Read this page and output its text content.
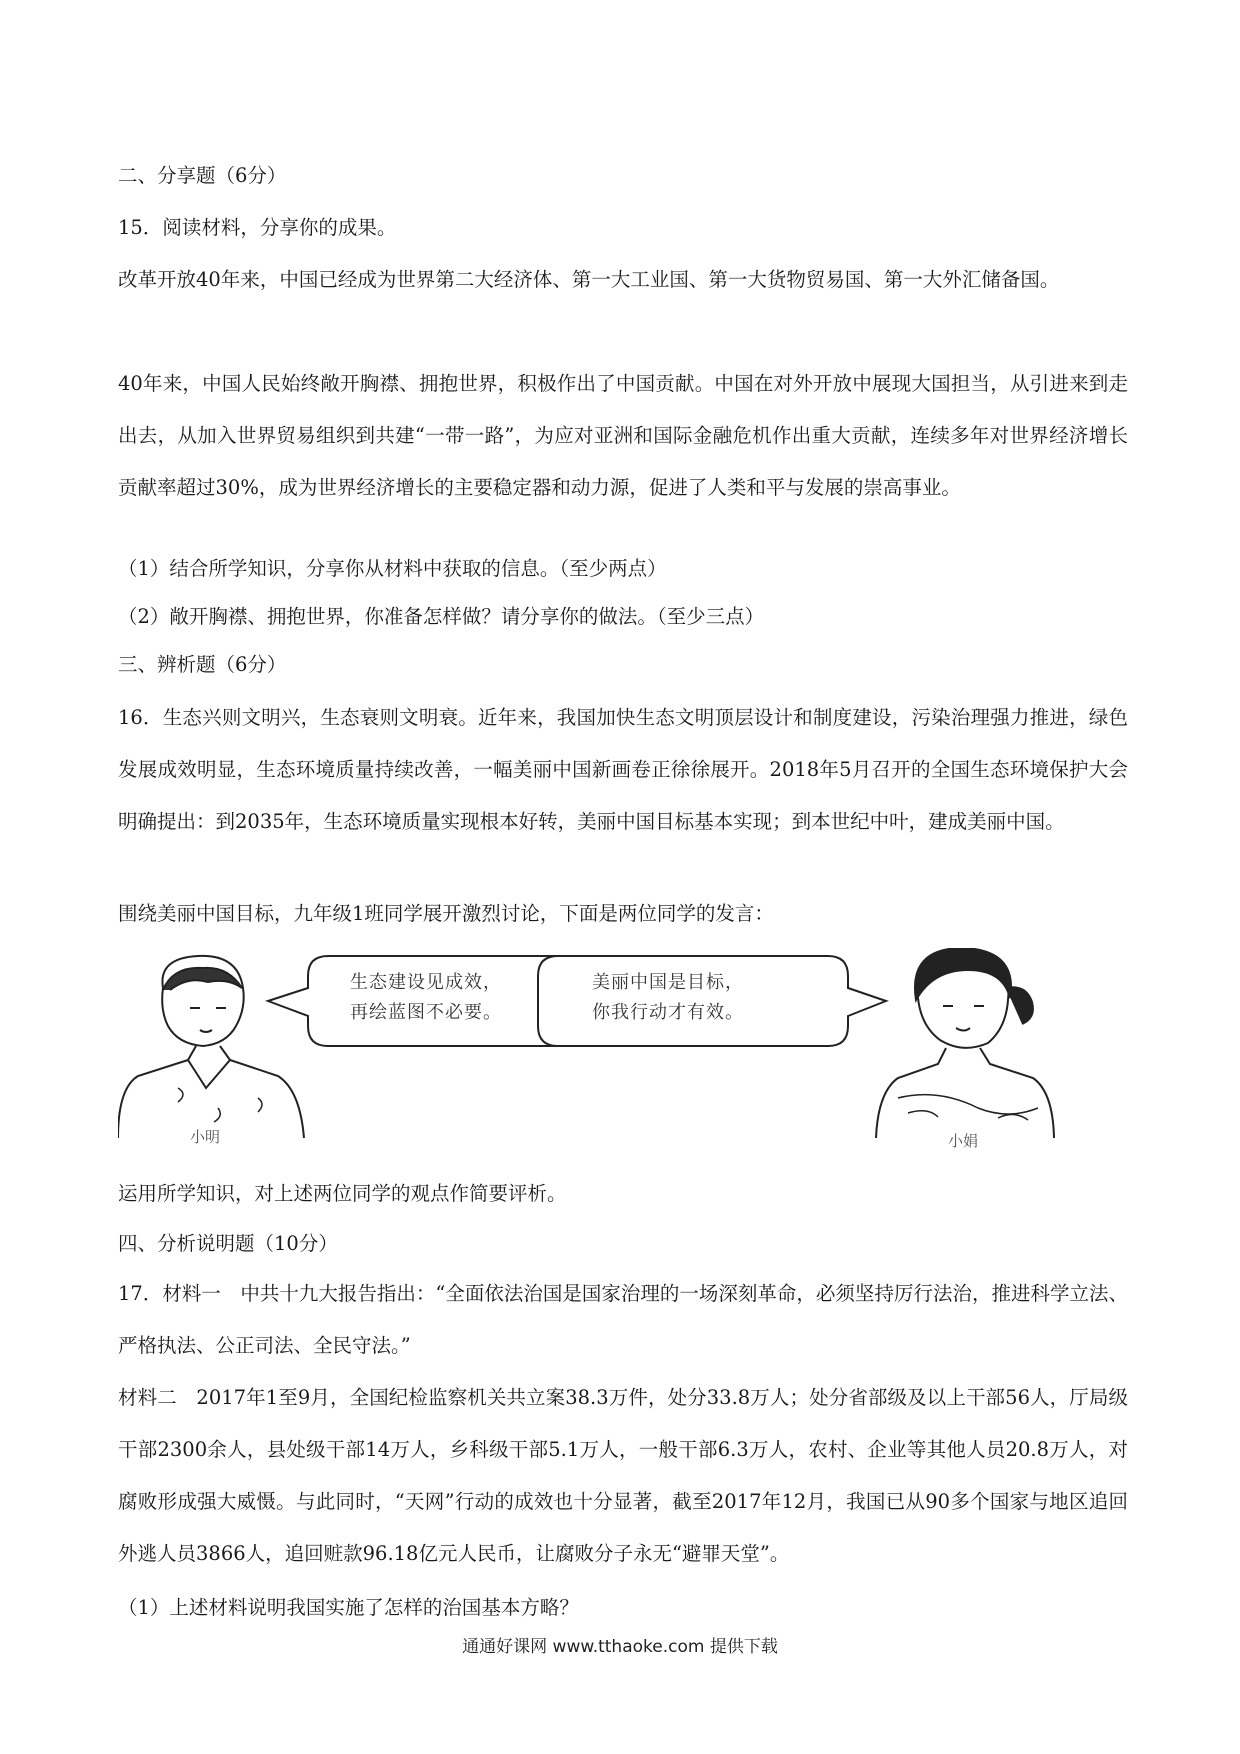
二、分享题（6分）
15．阅读材料，分享你的成果。
改革开放40年来，中国已经成为世界第二大经济体、第一大工业国、第一大货物贸易国、第一大外汇储备国。
40年来，中国人民始终敞开胸襟、拥抱世界，积极作出了中国贡献。中国在对外开放中展现大国担当，从引进来到走出去，从加入世界贸易组织到共建“一带一路”，为应对亚洲和国际金融危机作出重大贡献，连续多年对世界经济增长贡献率超过30%，成为世界经济增长的主要稳定器和动力源，促进了人类和平与发展的崇高事业。
（1）结合所学知识，分享你从材料中获取的信息。（至少两点）
（2）敞开胸襟、拥抱世界，你准备怎样做？请分享你的做法。（至少三点）
三、辨析题（6分）
16．生态兴则文明兴，生态衰则文明衰。近年来，我国加快生态文明顶层设计和制度建设，污染治理强力推进，绿色发展成效明显，生态环境质量持续改善，一幅美丽中国新画卷正徐徐展开。2018年5月召开的全国生态环境保护大会明确提出：到2035年，生态环境质量实现根本好转，美丽中国目标基本实现；到本世纪中叶，建成美丽中国。
围绕美丽中国目标，九年级1班同学展开激烈讨论，下面是两位同学的发言：
生态建设见成效，
再绘蓝图不必要。
美丽中国是目标，
你我行动才有效。
小明	小娟
运用所学知识，对上述两位同学的观点作简要评析。
四、分析说明题（10分）
17．材料一　中共十九大报告指出：“全面依法治国是国家治理的一场深刻革命，必须坚持厉行法治，推进科学立法、严格执法、公正司法、全民守法。”
材料二　2017年1至9月，全国纪检监察机关共立案38.3万件，处分33.8万人；处分省部级及以上干部56人，厅局级干部2300余人，县处级干部14万人，乡科级干部5.1万人，一般干部6.3万人，农村、企业等其他人员20.8万人，对腐败形成强大威慑。与此同时，“天网”行动的成效也十分显著，截至2017年12月，我国已从90多个国家与地区追回外逃人员3866人，追回赃款96.18亿元人民币，让腐败分子永无“避罪天堂”。
（1）上述材料说明我国实施了怎样的治国基本方略？
通通好课网 www.tthaoke.com 提供下载
